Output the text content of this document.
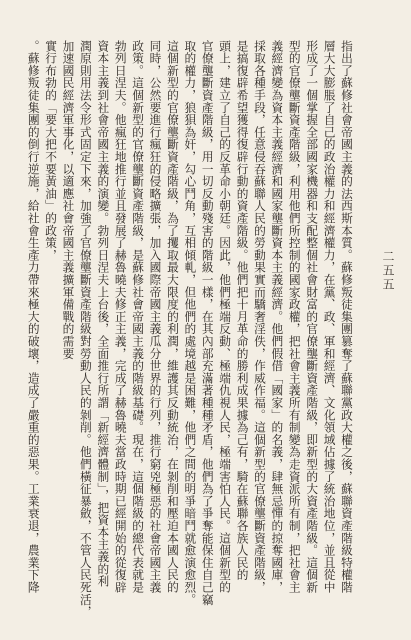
指出了蘇修社會帝國主義的法西斯本質。蘇修叛徒集團篡奪了蘇聯黨政大權之後，蘇聯資產階級特權階
層大大膨脹了自己的政治權力和經濟權力，在黨、政、軍和經濟、文化領域佔據了統治地位，並且從中
形成了一個掌握全部國家機器和支配整個社會財富的官僚壟斷資產階級，即新型的大資產階級。這個新
型的官僚壟斷資產階級，利用他們所控制的國家政權，把社會主義所有制變為走資派所有制，把社會主
義經濟變為資本主義經濟和國家壟斷資本主義經濟。他們假借「國家」的名義，肆無忌憚的掠奪國庫，
採取各種手段，任意侵吞蘇聯人民的勞動果實而驕奢淫佚，作威作福。這個新型的官僚壟斷資產階級，
是搞復辟希望獲得復辟行動的資產階級。他們把十月革命的勝利成果據為己有，騎在蘇聯各族人民的
頭上，建立了自己的反革命小朝廷。因此，他們極端反動、極端仇視人民，極端害怕人民。這個新型的
官僚壟斷資產階級，用一切反動殘害的階級一樣，在其內部充滿著種種矛盾，他們為了爭奪能保住自己竊
取的權力，狼狽為奸，勾心鬥角，互相傾軋，但他們的處境越是困難，他們之間的明爭暗鬥就愈演愈烈。
這個新型的官僚壟斷資產階級，為了攫取最大限度的利潤，維護其反動統治，在剝削和壓迫本國人民的
同時，公然要進行瘋狂的侵略擴張，加入國際帝國主義瓜分世界的行列，推行窮兇極惡的社會帝國主義
政策。這個新型的官僚壟斷資產階級，是蘇修社會帝國主義的階級基礎。現在，這個階級的總代表就是
勃列日涅夫。他瘋狂地推行並且發展了赫魯曉夫修正主義，完成了赫魯曉夫當政時期已經開始的從復辟
資本主義到社會帝國主義的演變。勃列日涅夫上台後，全面推行所謂「新經濟體制」，把資本主義的利
潤原則用法令形式固定下來，加強了官僚壟斷資產階級對勞動人民的剝削。他們橫征暴斂，不管人民死活，
加速國民經濟軍事化，以適應社會帝國主義擴軍備戰的需要
實行布勃的「要大把不要黃油」的政策，
。蘇修叛徒集團的倒行逆施，給社會生產力帶來極大的破壞，造成了嚴重的惡果。工業衰退，農業下降	二五五
